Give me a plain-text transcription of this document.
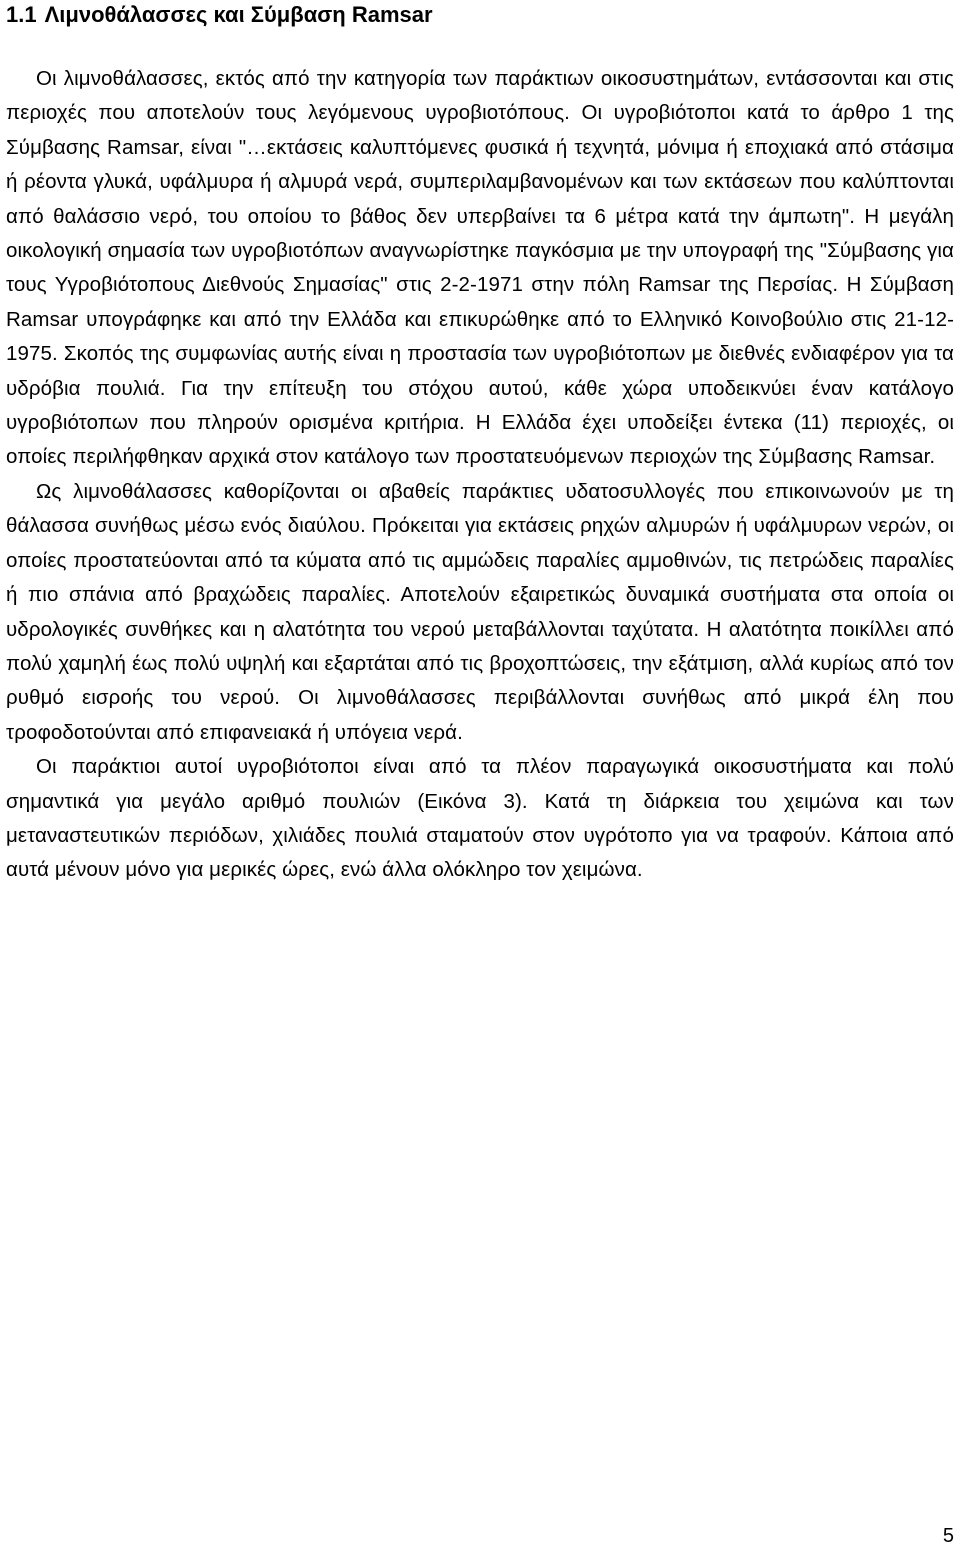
1.1 Λιμνοθάλασσες και Σύμβαση Ramsar

Οι λιμνοθάλασσες, εκτός από την κατηγορία των παράκτιων οικοσυστημάτων, εντάσσονται και στις περιοχές που αποτελούν τους λεγόμενους υγροβιοτόπους. Οι υγροβιότοποι κατά το άρθρο 1 της Σύμβασης Ramsar, είναι "…εκτάσεις καλυπτόμενες φυσικά ή τεχνητά, μόνιμα ή εποχιακά από στάσιμα ή ρέοντα γλυκά, υφάλμυρα ή αλμυρά νερά, συμπεριλαμβανομένων και των εκτάσεων που καλύπτονται από θαλάσσιο νερό, του οποίου το βάθος δεν υπερβαίνει τα 6 μέτρα κατά την άμπωτη". Η μεγάλη οικολογική σημασία των υγροβιοτόπων αναγνωρίστηκε παγκόσμια με την υπογραφή της "Σύμβασης για τους Υγροβιότοπους Διεθνούς Σημασίας" στις 2-2-1971 στην πόλη Ramsar της Περσίας. Η Σύμβαση Ramsar υπογράφηκε και από την Ελλάδα και επικυρώθηκε από το Ελληνικό Κοινοβούλιο στις 21-12-1975. Σκοπός της συμφωνίας αυτής είναι η προστασία των υγροβιότοπων με διεθνές ενδιαφέρον για τα υδρόβια πουλιά. Για την επίτευξη του στόχου αυτού, κάθε χώρα υποδεικνύει έναν κατάλογο υγροβιότοπων που πληρούν ορισμένα κριτήρια. Η Ελλάδα έχει υποδείξει έντεκα (11) περιοχές, οι οποίες περιλήφθηκαν αρχικά στον κατάλογο των προστατευόμενων περιοχών της Σύμβασης Ramsar.

Ως λιμνοθάλασσες καθορίζονται οι αβαθείς παράκτιες υδατοσυλλογές που επικοινωνούν με τη θάλασσα συνήθως μέσω ενός διαύλου. Πρόκειται για εκτάσεις ρηχών αλμυρών ή υφάλμυρων νερών, οι οποίες προστατεύονται από τα κύματα από τις αμμώδεις παραλίες αμμοθινών, τις πετρώδεις παραλίες ή πιο σπάνια από βραχώδεις παραλίες. Αποτελούν εξαιρετικώς δυναμικά συστήματα στα οποία οι υδρολογικές συνθήκες και η αλατότητα του νερού μεταβάλλονται ταχύτατα. Η αλατότητα ποικίλλει από πολύ χαμηλή έως πολύ υψηλή και εξαρτάται από τις βροχοπτώσεις, την εξάτμιση, αλλά κυρίως από τον ρυθμό εισροής του νερού. Οι λιμνοθάλασσες περιβάλλονται συνήθως από μικρά έλη που τροφοδοτούνται από επιφανειακά ή υπόγεια νερά.

Οι παράκτιοι αυτοί υγροβιότοποι είναι από τα πλέον παραγωγικά οικοσυστήματα και πολύ σημαντικά για μεγάλο αριθμό πουλιών (Εικόνα 3). Κατά τη διάρκεια του χειμώνα και των μεταναστευτικών περιόδων, χιλιάδες πουλιά σταματούν στον υγρότοπο για να τραφούν. Κάποια από αυτά μένουν μόνο για μερικές ώρες, ενώ άλλα ολόκληρο τον χειμώνα.

5
